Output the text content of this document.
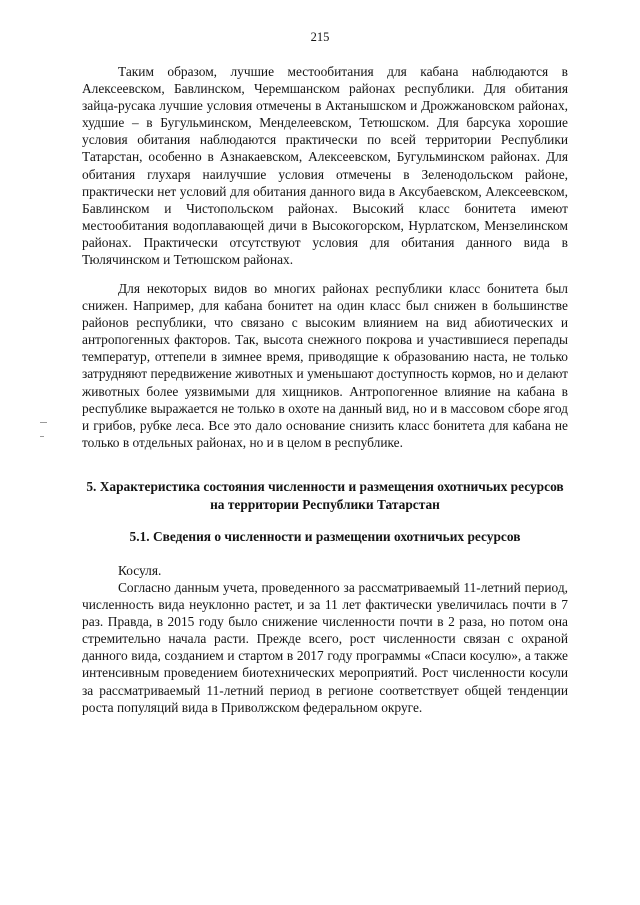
215

Таким образом, лучшие местообитания для кабана наблюдаются в Алексеевском, Бавлинском, Черемшанском районах республики. Для обитания зайца-русака лучшие условия отмечены в Актанышском и Дрожжановском районах, худшие – в Бугульминском, Менделеевском, Тетюшском. Для барсука хорошие условия обитания наблюдаются практически по всей территории Республики Татарстан, особенно в Азнакаевском, Алексеевском, Бугульминском районах. Для обитания глухаря наилучшие условия отмечены в Зеленодольском районе, практически нет условий для обитания данного вида в Аксубаевском, Алексеевском, Бавлинском и Чистопольском районах. Высокий класс бонитета имеют местообитания водоплавающей дичи в Высокогорском, Нурлатском, Мензелинском районах. Практически отсутствуют условия для обитания данного вида в Тюлячинском и Тетюшском районах.

Для некоторых видов во многих районах республики класс бонитета был снижен. Например, для кабана бонитет на один класс был снижен в большинстве районов республики, что связано с высоким влиянием на вид абиотических и антропогенных факторов. Так, высота снежного покрова и участившиеся перепады температур, оттепели в зимнее время, приводящие к образованию наста, не только затрудняют передвижение животных и уменьшают доступность кормов, но и делают животных более уязвимыми для хищников. Антропогенное влияние на кабана в республике выражается не только в охоте на данный вид, но и в массовом сборе ягод и грибов, рубке леса. Все это дало основание снизить класс бонитета для кабана не только в отдельных районах, но и в целом в республике.

5. Характеристика состояния численности и размещения охотничьих ресурсов на территории Республики Татарстан

5.1. Сведения о численности и размещении охотничьих ресурсов

Косуля.

Согласно данным учета, проведенного за рассматриваемый 11-летний период, численность вида неуклонно растет, и за 11 лет фактически увеличилась почти в 7 раз. Правда, в 2015 году было снижение численности почти в 2 раза, но потом она стремительно начала расти. Прежде всего, рост численности связан с охраной данного вида, созданием и стартом в 2017 году программы «Спаси косулю», а также интенсивным проведением биотехнических мероприятий. Рост численности косули за рассматриваемый 11-летний период в регионе соответствует общей тенденции роста популяций вида в Приволжском федеральном округе.
